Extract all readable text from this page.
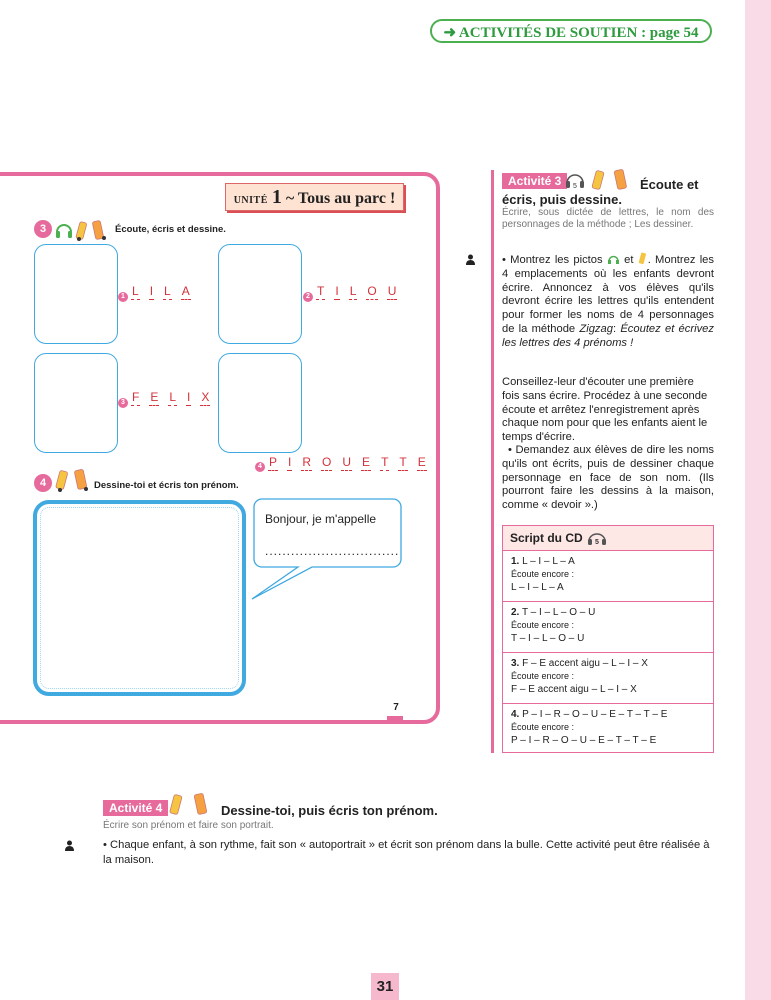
➜ ACTIVITÉS DE SOUTIEN : page 54
UNITÉ 1 ~ Tous au parc !
3	Écoute, écris et dessine.
1 L I L A	2 T I L O U
3 F E L I X
4 P I R O U E T T E
4	Dessine-toi et écris ton prénom.
Bonjour, je m'appelle
...............................
7
Activité 3	5	Écoute et écris, puis dessine.
Écrire, sous dictée de lettres, le nom des personnages de la méthode ; Les dessiner.
• Montrez les pictos et . Montrez les 4 emplacements où les enfants devront écrire. Annoncez à vos élèves qu'ils devront écrire les lettres qu'ils entendent pour former les noms de 4 personnages de la méthode Zigzag: Écoutez et écrivez les lettres des 4 prénoms !
Conseillez-leur d'écouter une première fois sans écrire. Procédez à une seconde écoute et arrêtez l'enregistrement après chaque nom pour que les enfants aient le temps d'écrire.
• Demandez aux élèves de dire les noms qu'ils ont écrits, puis de dessiner chaque personnage en face de son nom. (Ils pourront faire les dessins à la maison, comme « devoir ».)
Script du CD 5
1. L – I – L – A
Écoute encore :
L – I – L – A
2. T – I – L – O – U
Écoute encore :
T – I – L – O – U
3. F – E accent aigu – L – I – X
Écoute encore :
F – E accent aigu – L – I – X
4. P – I – R – O – U – E – T – T – E
Écoute encore :
P – I – R – O – U – E – T – T – E
Activité 4	Dessine-toi, puis écris ton prénom.
Écrire son prénom et faire son portrait.
• Chaque enfant, à son rythme, fait son « autoportrait » et écrit son prénom dans la bulle. Cette activité peut être réalisée à la maison.
31
